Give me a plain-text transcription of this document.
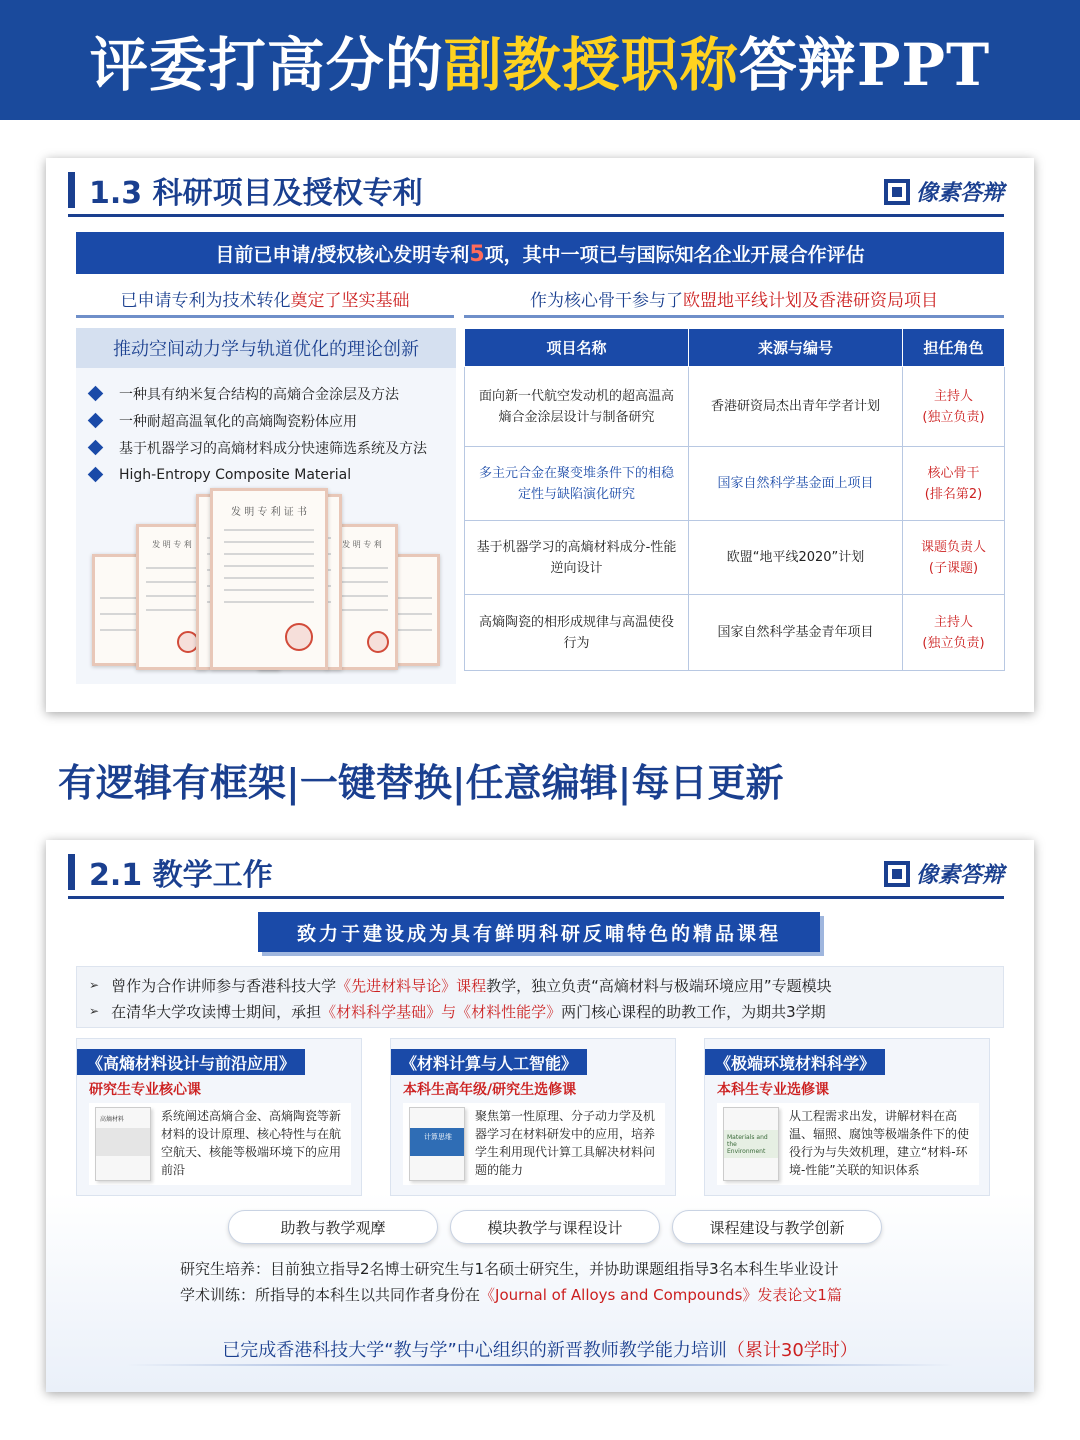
评委打高分的副教授职称答辩PPT
1.3 科研项目及授权专利	像素答辩
目前已申请/授权核心发明专利5项，其中一项已与国际知名企业开展合作评估
已申请专利为技术转化 奠定了坚实基础	作为核心骨干参与了 欧盟地平线计划及香港研资局项目
推动空间动力学与轨道优化的理论创新
一种具有纳米复合结构的高熵合金涂层及方法
一种耐超高温氧化的高熵陶瓷粉体应用
基于机器学习的高熵材料成分快速筛选系统及方法
High-Entropy Composite Material
发 明 专 利	发 明 专 利
发 明 专 利 证 书
项目名称	来源与编号	担任角色
面向新一代航空发动机的超高温高熵合金涂层设计与制备研究	香港研资局杰出青年学者计划	主持人
(独立负责)
多主元合金在聚变堆条件下的相稳定性与缺陷演化研究	国家自然科学基金面上项目	核心骨干
(排名第2)
基于机器学习的高熵材料成分-性能逆向设计	欧盟“地平线2020”计划	课题负责人
(子课题)
高熵陶瓷的相形成规律与高温使役行为	国家自然科学基金青年项目	主持人
(独立负责)
有逻辑有框架|一键替换|任意编辑|每日更新
2.1 教学工作	像素答辩
致力于建设成为具有鲜明科研反哺特色的精品课程
➢ 曾作为合作讲师参与香港科技大学 《先进材料导论》课程 教学，独立负责“高熵材料与极端环境应用”专题模块
➢ 在清华大学攻读博士期间，承担 《材料科学基础》与《材料性能学》 两门核心课程的助教工作，为期共3学期
《高熵材料设计与前沿应用》
研究生专业核心课
高熵材料	系统阐述高熵合金、高熵陶瓷等新材料的设计原理、核心特性与在航空航天、核能等极端环境下的应用前沿
《材料计算与人工智能》
本科生高年级/研究生选修课
计算思维
聚焦第一性原理、分子动力学及机器学习在材料研发中的应用，培养学生利用现代计算工具解决材料问题的能力
《极端环境材料科学》
本科生专业选修课
Materials and the Environment
从工程需求出发，讲解材料在高温、辐照、腐蚀等极端条件下的使役行为与失效机理，建立“材料-环境-性能”关联的知识体系
助教与教学观摩	模块教学与课程设计	课程建设与教学创新
研究生培养：目前独立指导2名博士研究生与1名硕士研究生，并协助课题组指导3名本科生毕业设计
学术训练：所指导的本科生以共同作者身份在《Journal of Alloys and Compounds》发表论文1篇
已完成香港科技大学“教与学”中心组织的新晋教师教学能力培训（累计30学时）
